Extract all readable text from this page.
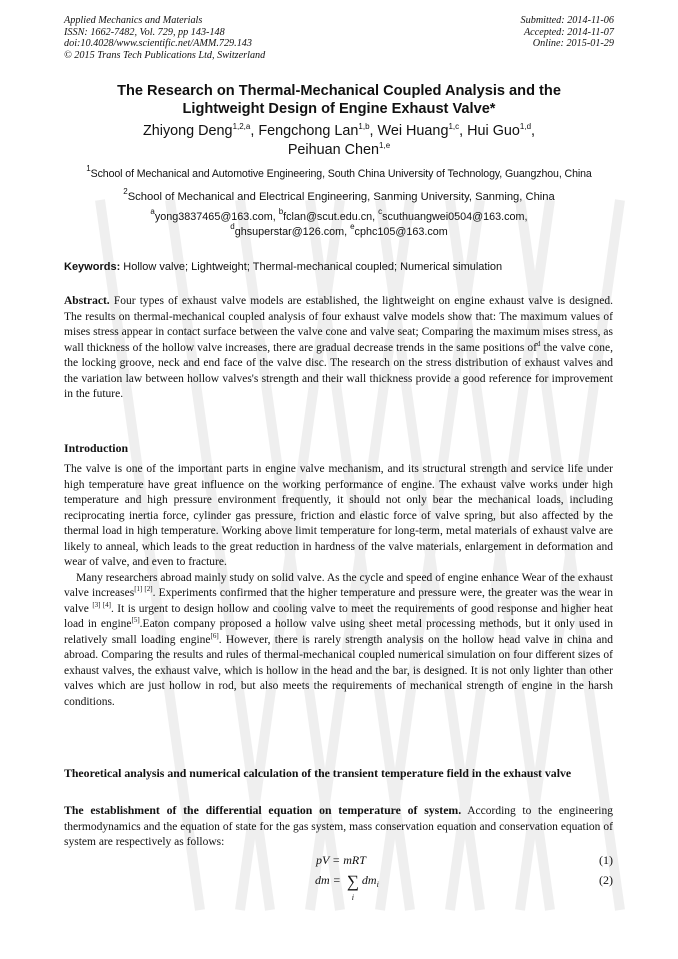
Applied Mechanics and Materials
ISSN: 1662-7482, Vol. 729, pp 143-148
doi:10.4028/www.scientific.net/AMM.729.143
© 2015 Trans Tech Publications Ltd, Switzerland
Submitted: 2014-11-06
Accepted: 2014-11-07
Online: 2015-01-29
The Research on Thermal-Mechanical Coupled Analysis and the
Lightweight Design of Engine Exhaust Valve*
Zhiyong Deng$^{1,2,a}$, Fengchong Lan$^{1,b}$, Wei Huang$^{1,c}$, Hui Guo$^{1,d}$,
Peihuan Chen$^{1,e}$
$^1$School of Mechanical and Automotive Engineering, South China University of Technology, Guangzhou, China
$^2$School of Mechanical and Electrical Engineering, Sanming University, Sanming, China
$^a$yong3837465@163.com, $^b$fclan@scut.edu.cn, $^c$scuthuangwei0504@163.com,
$^d$ghsuperstar@126.com, $^e$cphc105@163.com
Keywords: Hollow valve; Lightweight; Thermal-mechanical coupled; Numerical simulation

Abstract. Four types of exhaust valve models are established, the lightweight on engine exhaust valve is designed. The results on thermal-mechanical coupled analysis of four exhaust valve models show that: The maximum values of mises stress appear in contact surface between the valve cone and valve seat; Comparing the maximum mises stress, as wall thickness of the hollow valve increases, there are gradual decrease trends in the same positions $of^d$ the valve cone, the locking groove, neck and end face of the valve disc. The research on the stress distribution of exhaust valves and the variation law between hollow valves's strength and their wall thickness provide a good reference for improvement in the future.

Introduction

The valve is one of the important parts in engine valve mechanism, and its structural strength and service life under high temperature have great influence on the working performance of engine. The exhaust valve works under high temperature and high pressure environment frequently, it should not only bear the mechanical loads, including reciprocating inertia force, cylinder gas pressure, friction and elastic force of valve spring, but also affected by the thermal load in high temperature. Working above limit temperature for long-term, metal materials of exhaust valve are likely to anneal, which leads to the great reduction in hardness of the valve materials, enlargement in deformation and wear of valve, and even to fracture.

Many researchers abroad mainly study on solid valve. As the cycle and speed of engine enhance Wear of the exhaust valve increases[1] [2]. Experiments confirmed that the higher temperature and pressure were, the greater was the wear in valve [3] [4]. It is urgent to design hollow and cooling valve to meet the requirements of good response and higher heat load in engine[5].Eaton company proposed a hollow valve using sheet metal processing methods, but it only used in relatively small loading engine[6]. However, there is rarely strength analysis on the hollow head valve in china and abroad. Comparing the results and rules of thermal-mechanical coupled numerical simulation on four different sizes of exhaust valves, the exhaust valve, which is hollow in the head and the bar, is designed. It is not only lighter than other valves which are just hollow in rod, but also meets the requirements of mechanical strength of engine in the harsh conditions.

Theoretical analysis and numerical calculation of the transient temperature field in the exhaust valve

The establishment of the differential equation on temperature of system. According to the engineering thermodynamics and the equation of state for the gas system, mass conservation equation and conservation equation of system are respectively as follows:

pV = mRT	(1)
dm = ∑
i
$dm_i$	(2)
